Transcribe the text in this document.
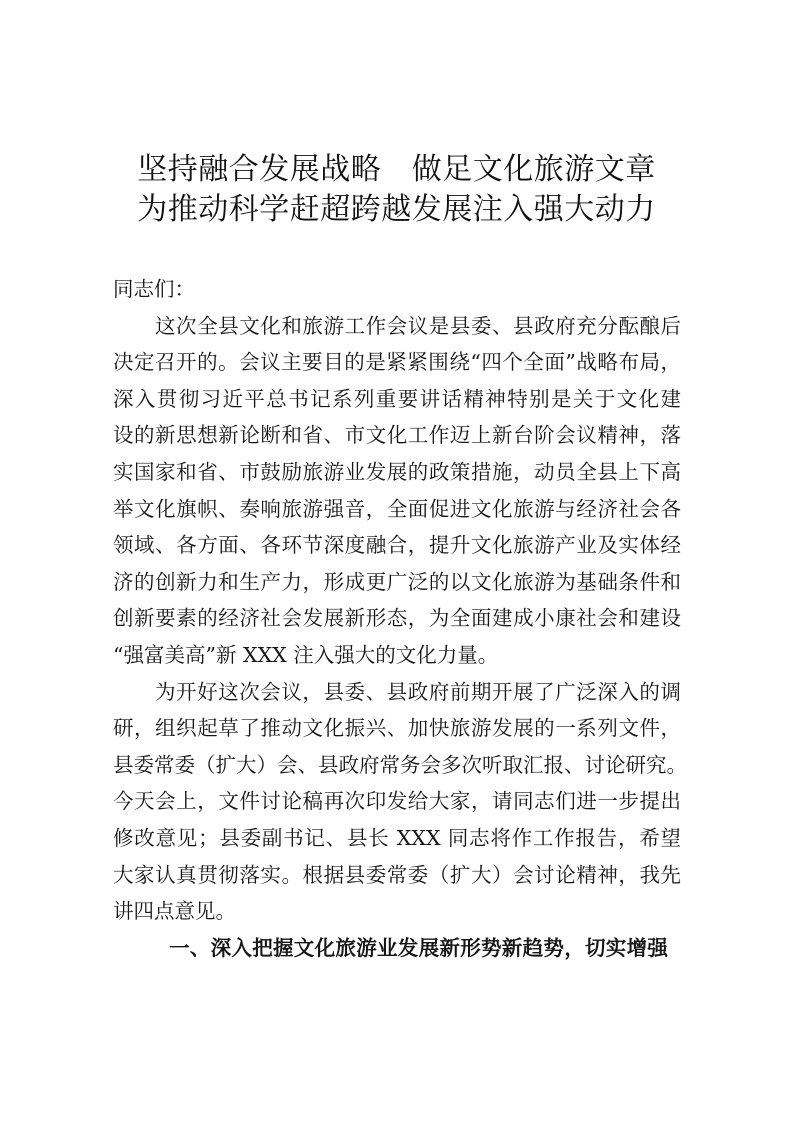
坚持融合发展战略　做足文化旅游文章
为推动科学赶超跨越发展注入强大动力
同志们：
这次全县文化和旅游工作会议是县委、县政府充分酝酿后
决定召开的。会议主要目的是紧紧围绕“四个全面”战略布局，
深入贯彻习近平总书记系列重要讲话精神特别是关于文化建
设的新思想新论断和省、市文化工作迈上新台阶会议精神，落
实国家和省、市鼓励旅游业发展的政策措施，动员全县上下高
举文化旗帜、奏响旅游强音，全面促进文化旅游与经济社会各
领域、各方面、各环节深度融合，提升文化旅游产业及实体经
济的创新力和生产力，形成更广泛的以文化旅游为基础条件和
创新要素的经济社会发展新形态，为全面建成小康社会和建设
“强富美高”新 XXX 注入强大的文化力量。
为开好这次会议，县委、县政府前期开展了广泛深入的调
研，组织起草了推动文化振兴、加快旅游发展的一系列文件，
县委常委（扩大）会、县政府常务会多次听取汇报、讨论研究。
今天会上，文件讨论稿再次印发给大家，请同志们进一步提出
修改意见；县委副书记、县长 XXX 同志将作工作报告，希望
大家认真贯彻落实。根据县委常委（扩大）会讨论精神，我先
讲四点意见。
一、深入把握文化旅游业发展新形势新趋势，切实增强
